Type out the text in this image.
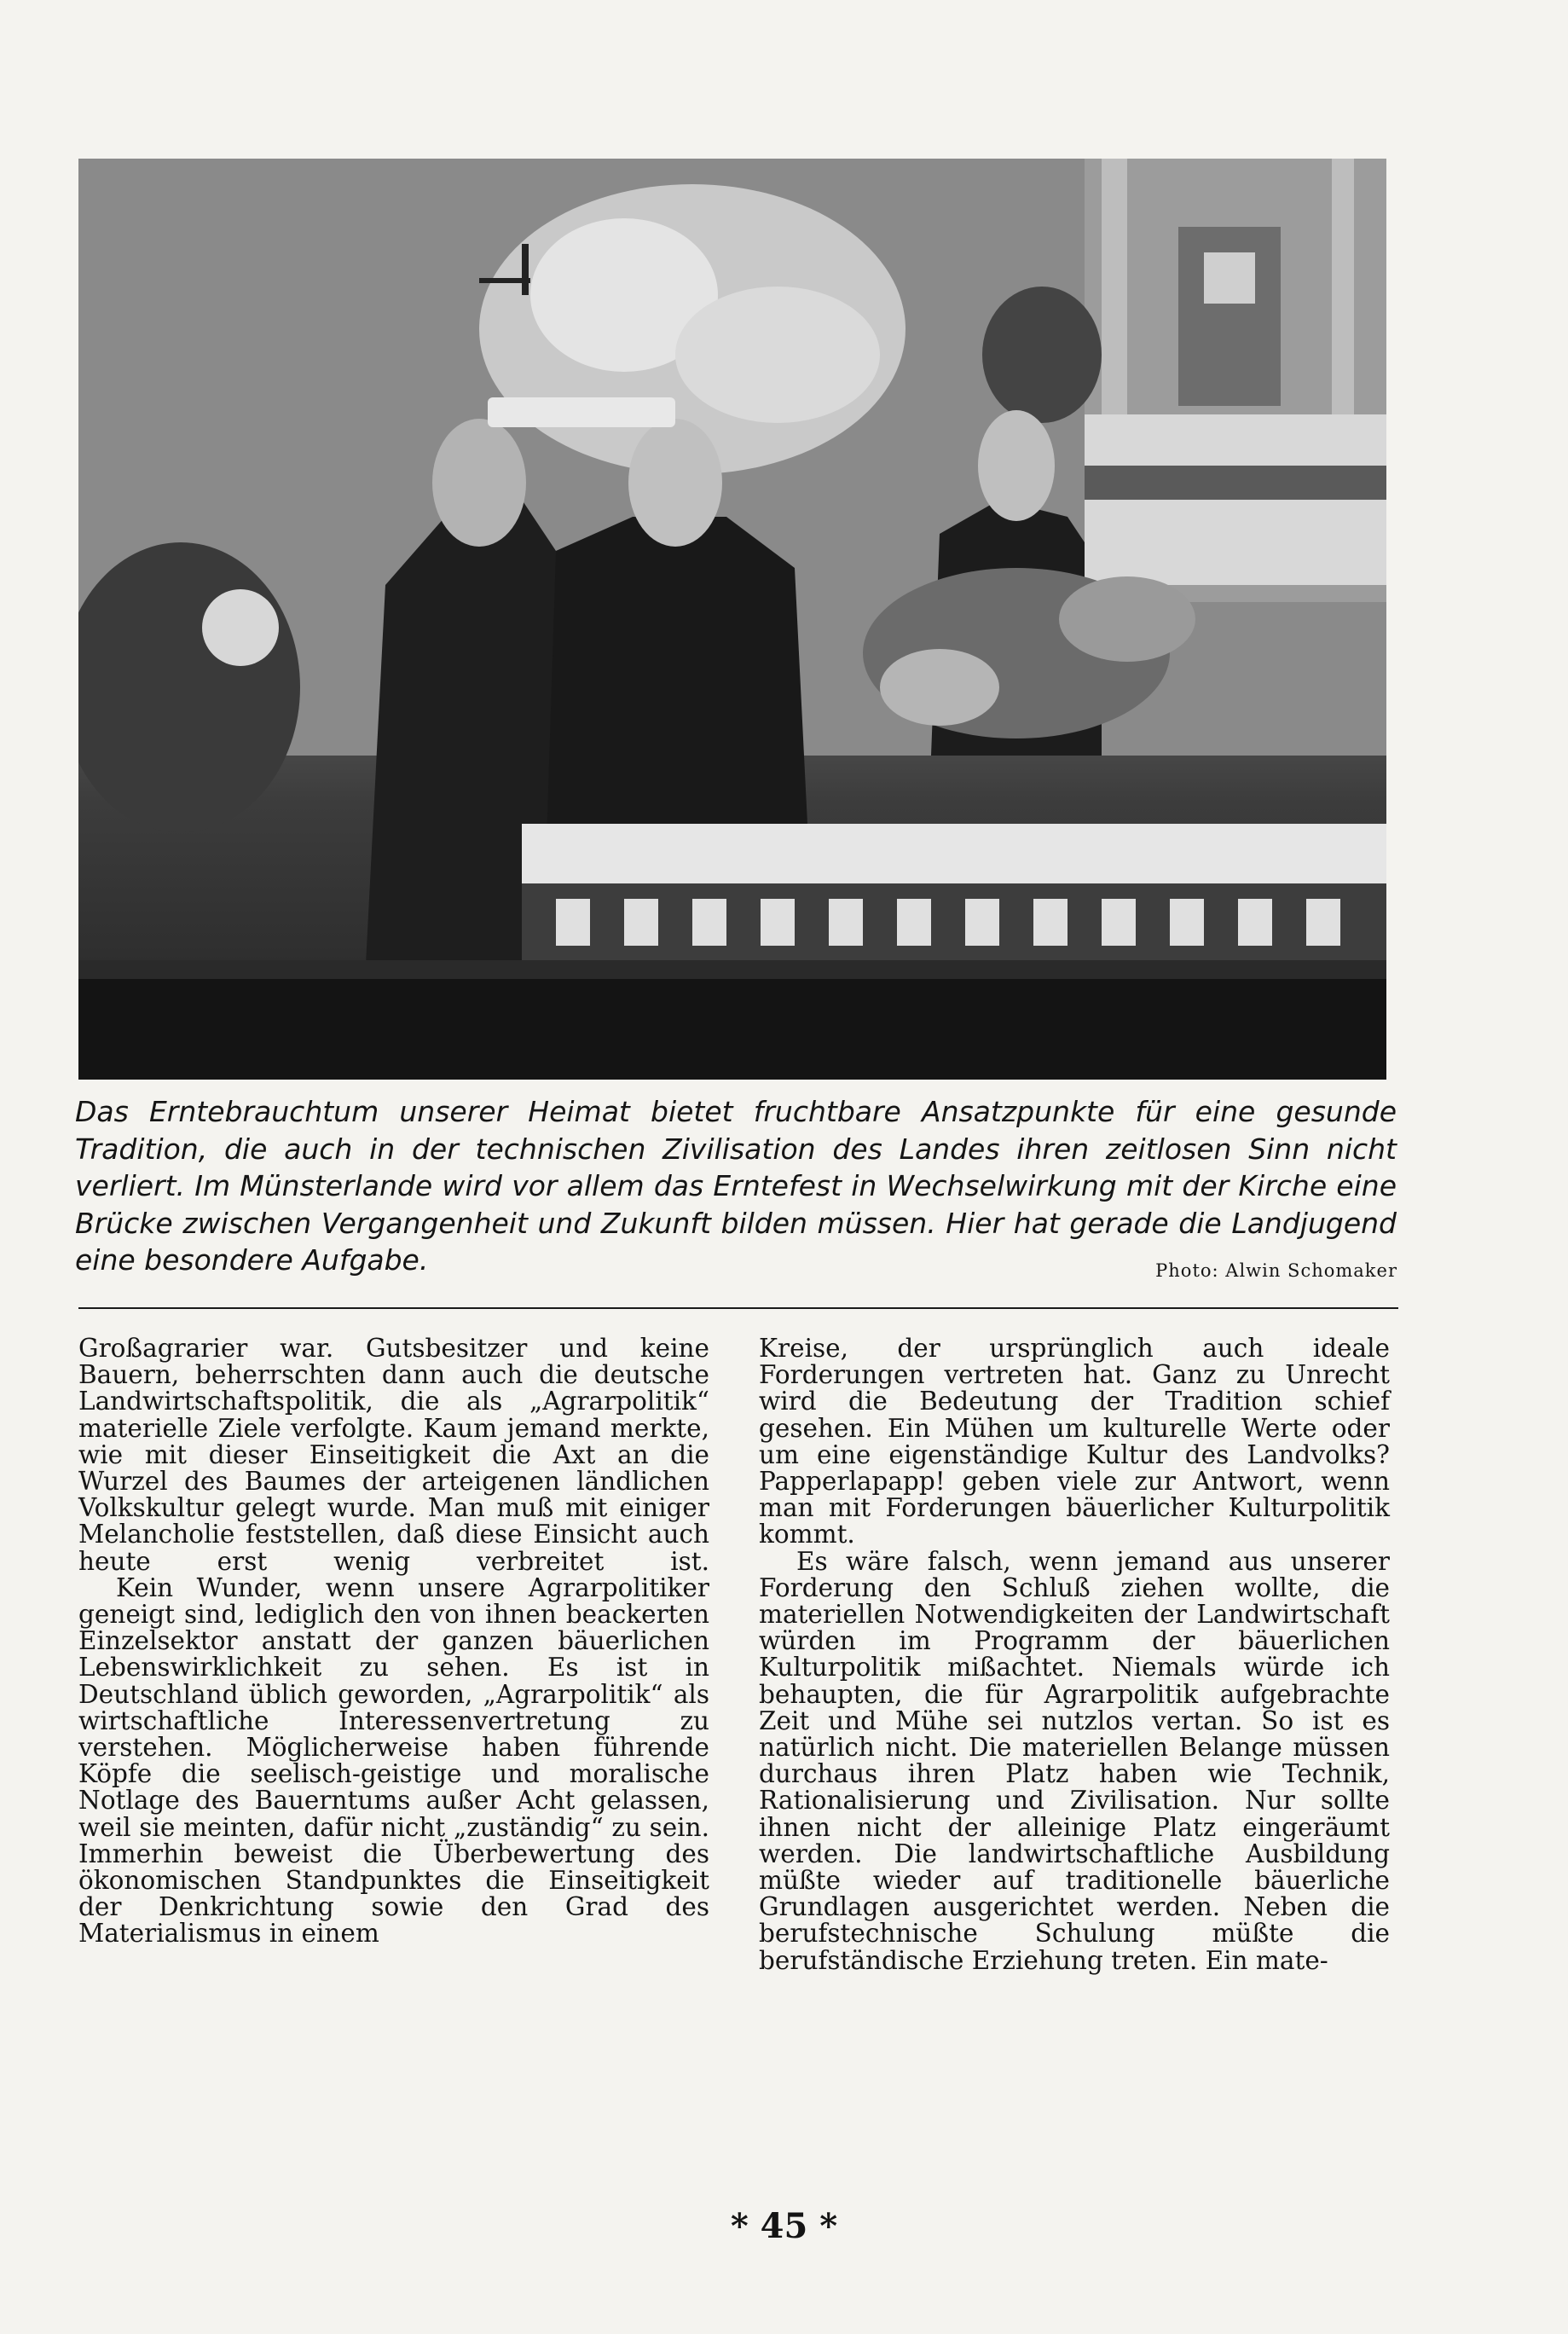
Das Erntebrauchtum unserer Heimat bietet fruchtbare Ansatzpunkte für eine gesunde Tradition, die auch in der technischen Zivilisation des Landes ihren zeitlosen Sinn nicht verliert. Im Münsterlande wird vor allem das Erntefest in Wechselwirkung mit der Kirche eine Brücke zwischen Vergangenheit und Zukunft bilden müssen. Hier hat gerade die Landjugend eine besondere Aufgabe.	Photo: Alwin Schomaker

Großagrarier war. Gutsbesitzer und keine Bauern, beherrschten dann auch die deutsche Landwirtschaftspolitik, die als „Agrarpolitik“ materielle Ziele verfolgte. Kaum jemand merkte, wie mit dieser Einseitigkeit die Axt an die Wurzel des Baumes der arteigenen ländlichen Volkskultur gelegt wurde. Man muß mit einiger Melancholie feststellen, daß diese Einsicht auch heute erst wenig verbreitet ist.

Kein Wunder, wenn unsere Agrarpolitiker geneigt sind, lediglich den von ihnen beackerten Einzelsektor anstatt der ganzen bäuerlichen Lebenswirklichkeit zu sehen. Es ist in Deutschland üblich geworden, „Agrarpolitik“ als wirtschaftliche Interessenvertretung zu verstehen. Möglicherweise haben führende Köpfe die seelisch-geistige und moralische Notlage des Bauerntums außer Acht gelassen, weil sie meinten, dafür nicht „zuständig“ zu sein. Immerhin beweist die Überbewertung des ökonomischen Standpunktes die Einseitigkeit der Denkrichtung sowie den Grad des Materialismus in einem

Kreise, der ursprünglich auch ideale Forderungen vertreten hat. Ganz zu Unrecht wird die Bedeutung der Tradition schief gesehen. Ein Mühen um kulturelle Werte oder um eine eigenständige Kultur des Landvolks? Papperlapapp! geben viele zur Antwort, wenn man mit Forderungen bäuerlicher Kulturpolitik kommt.

Es wäre falsch, wenn jemand aus unserer Forderung den Schluß ziehen wollte, die materiellen Notwendigkeiten der Landwirtschaft würden im Programm der bäuerlichen Kulturpolitik mißachtet. Niemals würde ich behaupten, die für Agrarpolitik aufgebrachte Zeit und Mühe sei nutzlos vertan. So ist es natürlich nicht. Die materiellen Belange müssen durchaus ihren Platz haben wie Technik, Rationalisierung und Zivilisation. Nur sollte ihnen nicht der alleinige Platz eingeräumt werden. Die landwirtschaftliche Ausbildung müßte wieder auf traditionelle bäuerliche Grundlagen ausgerichtet werden. Neben die berufstechnische Schulung müßte die berufständische Erziehung treten. Ein mate-

* 45 *
